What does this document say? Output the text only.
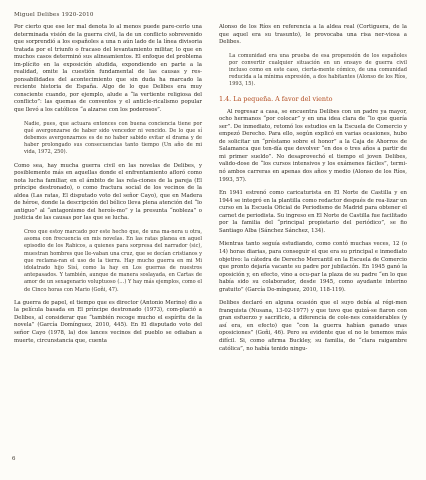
Miguel Delibes 1920-2010

Por cierto que ese ler mal denota lo al menos puede pare-cerlo una determinada visión de la guerra civil, la de un conflicto sobrevenido que sorprendió a los españoles a una n aún lado de la línea divisoria tratada por el triunfo o fracaso del levantamiento militar, lo que en muchos casos determinó sus alineamientos. El enfoque del problema im-plícito en la exposición aludida, expondiendo en parte a la realidad, omite la cuestión fundamental de las causas y res-ponsabilidades del acontecimiento que sin duda ha marcado la reciente historia de España. Algo de lo que Delibes era muy consciente cuando, por ejemplo, alude a “la vertiente religiosa del conflicto”: las quemas de conventos y el anticle-ricalismo popular que llevó a los católicos “a alzarse con los poderosos”.

Nadie, pues, que actuara entonces con buena conciencia tiene por qué avergonzarse de haber sido vencedor ni vencido. De lo que sí debemos avergonzarnos es de no haber sabido evitar el drama y de haber prolongado sus consecuencias tanto tiempo (Un año de mi vida, 1972, 250).

Como sea, hay mucha guerra civil en las novelas de Delibes, y posiblemente más en aquellas donde el enfrentamiento afloró como nota lucha familiar, en el ámbito de las rela-ciones de la pareja (El príncipe destronado), o como fractura social de los vecinos de la aldea (Las ratas, El disputado voto del señor Cayo), que en Madera de héroe, donde la descripción del bélico lleva plena atención del “lo antiguo” al “antagonismo del heroís-mo” y la presunta “nobleza” o justicia de las causas por las que se lucha.

Creo que estoy marcado por este hecho que, de una ma-nera u otra, asoma con frecuencia en mis novelas. En las ratas planea en aquel episodio de los Rabicos, a quienes para sorpresa del narrador (sic), muestran hombres que lle-vaban una cruz, que se decían cristianos y que reclama-ran el uso de la tierra. Hay mucho guerra en mi Mi idolatrado hijo Sisí, como la hay en Los guerras de nuestros antepasados. Y también, aunque de manera soslayada, en Cartas de amor de un sexagenario voluptuoso (…) Y hay más ejemplos, como el de Cinco horas con Mario (Goñi, 47).

La guerra de papel, el tiempo que es director (Antonio Merino) dio a la película basada en El príncipe destronado (1973), com-plació a Delibes, al considerar que “también recoge mucho el espíritu de la novela” (García Domínguez, 2010, 445). En El disputado voto del señor Cayo (1978, la) dos lances vecinos del pueblo se odiaban a muerte, circunstancia que, cuenta

Alonso de los Ríos en referencia a la aldea real (Cortiguera, de la que aquel era su trasunto), le provocaba una risa ner-viosa a Delibes.

La comunidad era una prueba de esa propensión de los españoles por convertir cualquier situación en un ensayo de guerra civil incluso como en este caso, cierta-mente cómico, de una comunidad reducida a la mínima expresión, a dos habitantes (Alonso de los Ríos, 1993, 15).
1.4. La pequeña. A favor del viento

Al regresar a casa, se encuentra Delibes con un padre ya mayor, ocho hermanos “por colocar” y en una idea clara de “lo que quería ser”. De inmediato, retomó los estudios en la Escuela de Comercio y empezó Derecho. Para ello, según explicó en varias ocasiones, hubo de solicitar un “préstamo sobre el honor” a la Caja de Ahorros de Salamanca que ten-día que devolver “en dos o tres años a partir de mi primer sueldo”. No desaprovechó el tiempo el joven Delibes, valido-dose de “los cursos intensivos y los exámenes fáciles”, termi-nó ambos carreras en apenas dos años y medio (Alonso de los Ríos, 1993, 57).

En 1941 estrenó como caricaturista en El Norte de Castilla y en 1944 se integró en la plantilla como redactor después de rea-lizar un curso en la Escuela Oficial de Periodismo de Madrid para obtener el carnet de periodista. Su ingreso en El Norte de Castilla fue facilitado por la familia del “principal propietario del periódico”, se fio Santiago Alba (Sánchez Sánchez, 134).

Mientras tanto seguía estudiando, como contó muchas veces, 12 (o 14) horas diarias, para conseguir el que era su principal e inmediato objetivo: la cátedra de Derecho Mercantil en la Escuela de Comercio que pronto dejaría vacante su padre por jubilación. En 1945 ganó la oposición y, en efecto, vino a ocu-par la plaza de su padre “en lo que había sido su colaborador, desde 1945, como ayudante interino gratuito” (García Do-mínguez, 2010, 118-119).

Delibes declaró en alguna ocasión que el suyo debía al régi-men franquista (Nusana, 13-02-1977) y que tuvo que quizá-se fiaron con gran esfuerzo y sacrificio, a diferencia de cole-nes considerables (y así era, en efecto) que “con la guerra habían ganado unas oposiciones” (Goñi, 46). Pero su evidente que el no le tenemos más difícil. Si, como afirma Buckley, su familia, de “clara raigambre católica”, no había tenido ningu-

6
